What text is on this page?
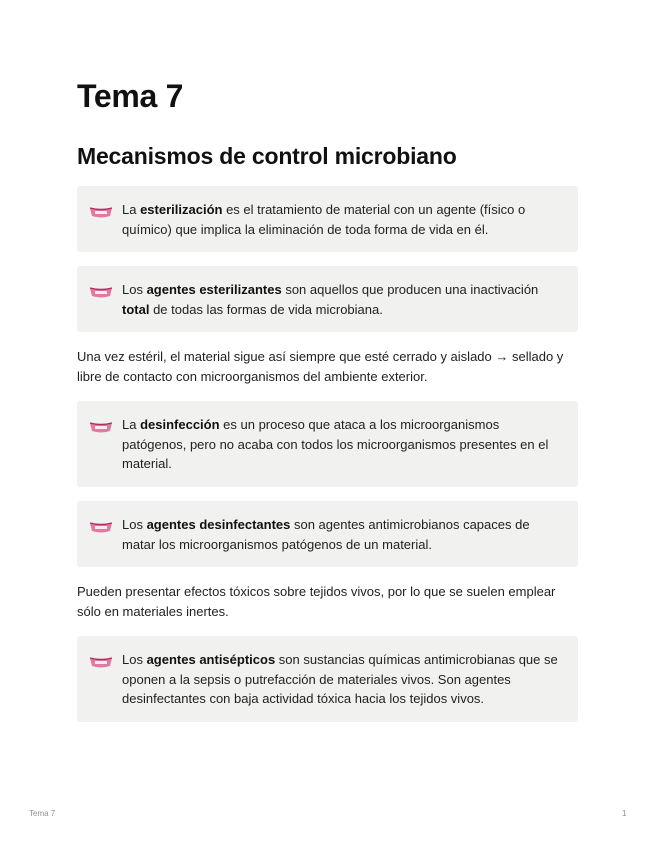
Tema 7
Mecanismos de control microbiano
La esterilización es el tratamiento de material con un agente (físico o químico) que implica la eliminación de toda forma de vida en él.
Los agentes esterilizantes son aquellos que producen una inactivación total de todas las formas de vida microbiana.

Una vez estéril, el material sigue así siempre que esté cerrado y aislado → sellado y libre de contacto con microorganismos del ambiente exterior.

La desinfección es un proceso que ataca a los microorganismos patógenos, pero no acaba con todos los microorganismos presentes en el material.
Los agentes desinfectantes son agentes antimicrobianos capaces de matar los microorganismos patógenos de un material.

Pueden presentar efectos tóxicos sobre tejidos vivos, por lo que se suelen emplear sólo en materiales inertes.

Los agentes antisépticos son sustancias químicas antimicrobianas que se oponen a la sepsis o putrefacción de materiales vivos. Son agentes desinfectantes con baja actividad tóxica hacia los tejidos vivos.
Tema 7	1
